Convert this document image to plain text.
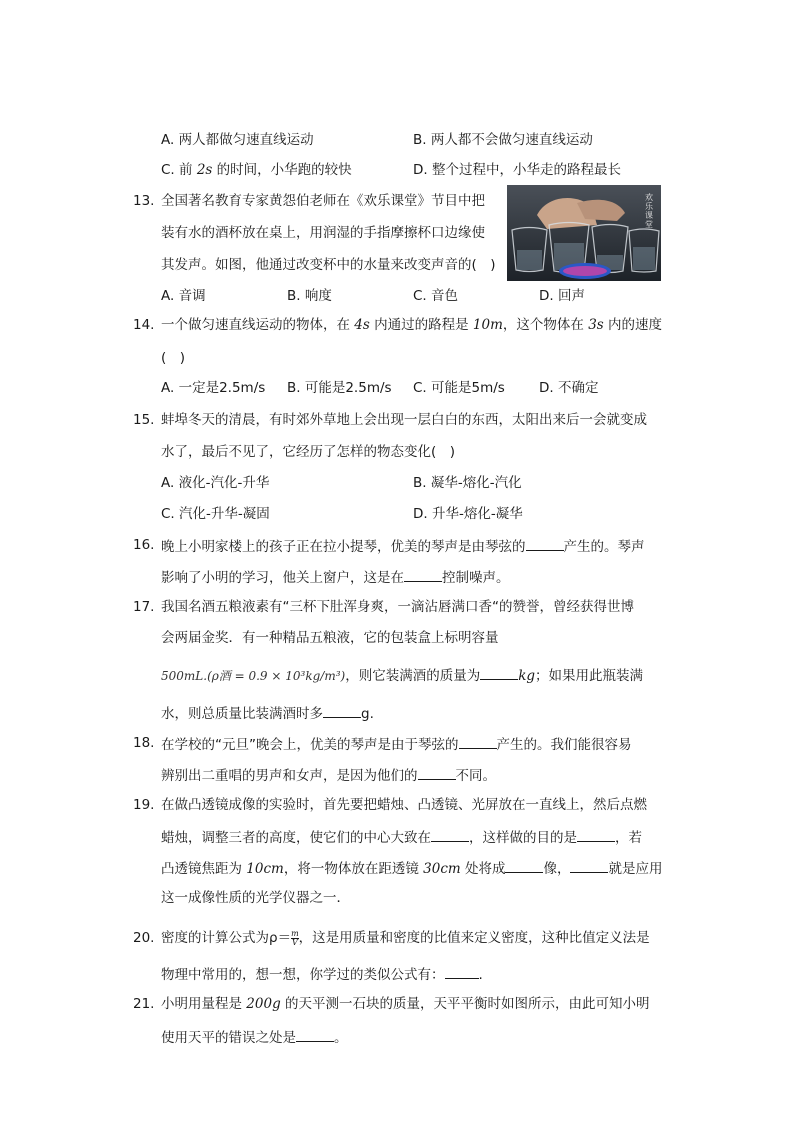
A. 两人都做匀速直线运动	B. 两人都不会做匀速直线运动
C. 前 2s 的时间，小华跑的较快	D. 整个过程中，小华走的路程最长
13. 全国著名教育专家黄怨伯老师在《欢乐课堂》节目中把
装有水的酒杯放在桌上，用润湿的手指摩擦杯口边缘使
其发声。如图，他通过改变杯中的水量来改变声音的(　)
欢乐课堂
A. 音调	B. 响度	C. 音色	D. 回声
14. 一个做匀速直线运动的物体，在 4s 内通过的路程是 10m，这个物体在 3s 内的速度
(　)
A. 一定是2.5m/s B. 可能是2.5m/s C. 可能是5m/s	D. 不确定
15. 蚌埠冬天的清晨，有时郊外草地上会出现一层白白的东西，太阳出来后一会就变成
水了，最后不见了，它经历了怎样的物态变化(　)
A. 液化-汽化-升华	B. 凝华-熔化-汽化
C. 汽化-升华-凝固	D. 升华-熔化-凝华
16. 晚上小明家楼上的孩子正在拉小提琴，优美的琴声是由琴弦的	产生的。琴声
影响了小明的学习，他关上窗户，这是在	控制噪声。
17. 我国名酒五粮液素有“三杯下肚浑身爽，一滴沾唇满口香“的赞誉，曾经获得世博
会两届金奖．有一种精品五粮液，它的包装盒上标明容量
500mL.(ρ酒 = 0.9 × 10³kg/m³)，则它装满酒的质量为	kg；如果用此瓶装满
水，则总质量比装满酒时多	g.
18. 在学校的“元旦”晚会上，优美的琴声是由于琴弦的	产生的。我们能很容易
辨别出二重唱的男声和女声，是因为他们的	不同。
19. 在做凸透镜成像的实验时，首先要把蜡烛、凸透镜、光屏放在一直线上，然后点燃
蜡烛，调整三者的高度，使它们的中心大致在	，这样做的目的是	，若
凸透镜焦距为 10cm，将一物体放在距透镜 30cm 处将成	像，	就是应用
这一成像性质的光学仪器之一．
20. 密度的计算公式为$\rho= \frac{m}{V}$ ，这是用质量和密度的比值来定义密度，这种比值定义法是
物理中常用的，想一想，你学过的类似公式有：	.
21. 小明用量程是 200g 的天平测一石块的质量，天平平衡时如图所示，由此可知小明
使用天平的错误之处是	。
